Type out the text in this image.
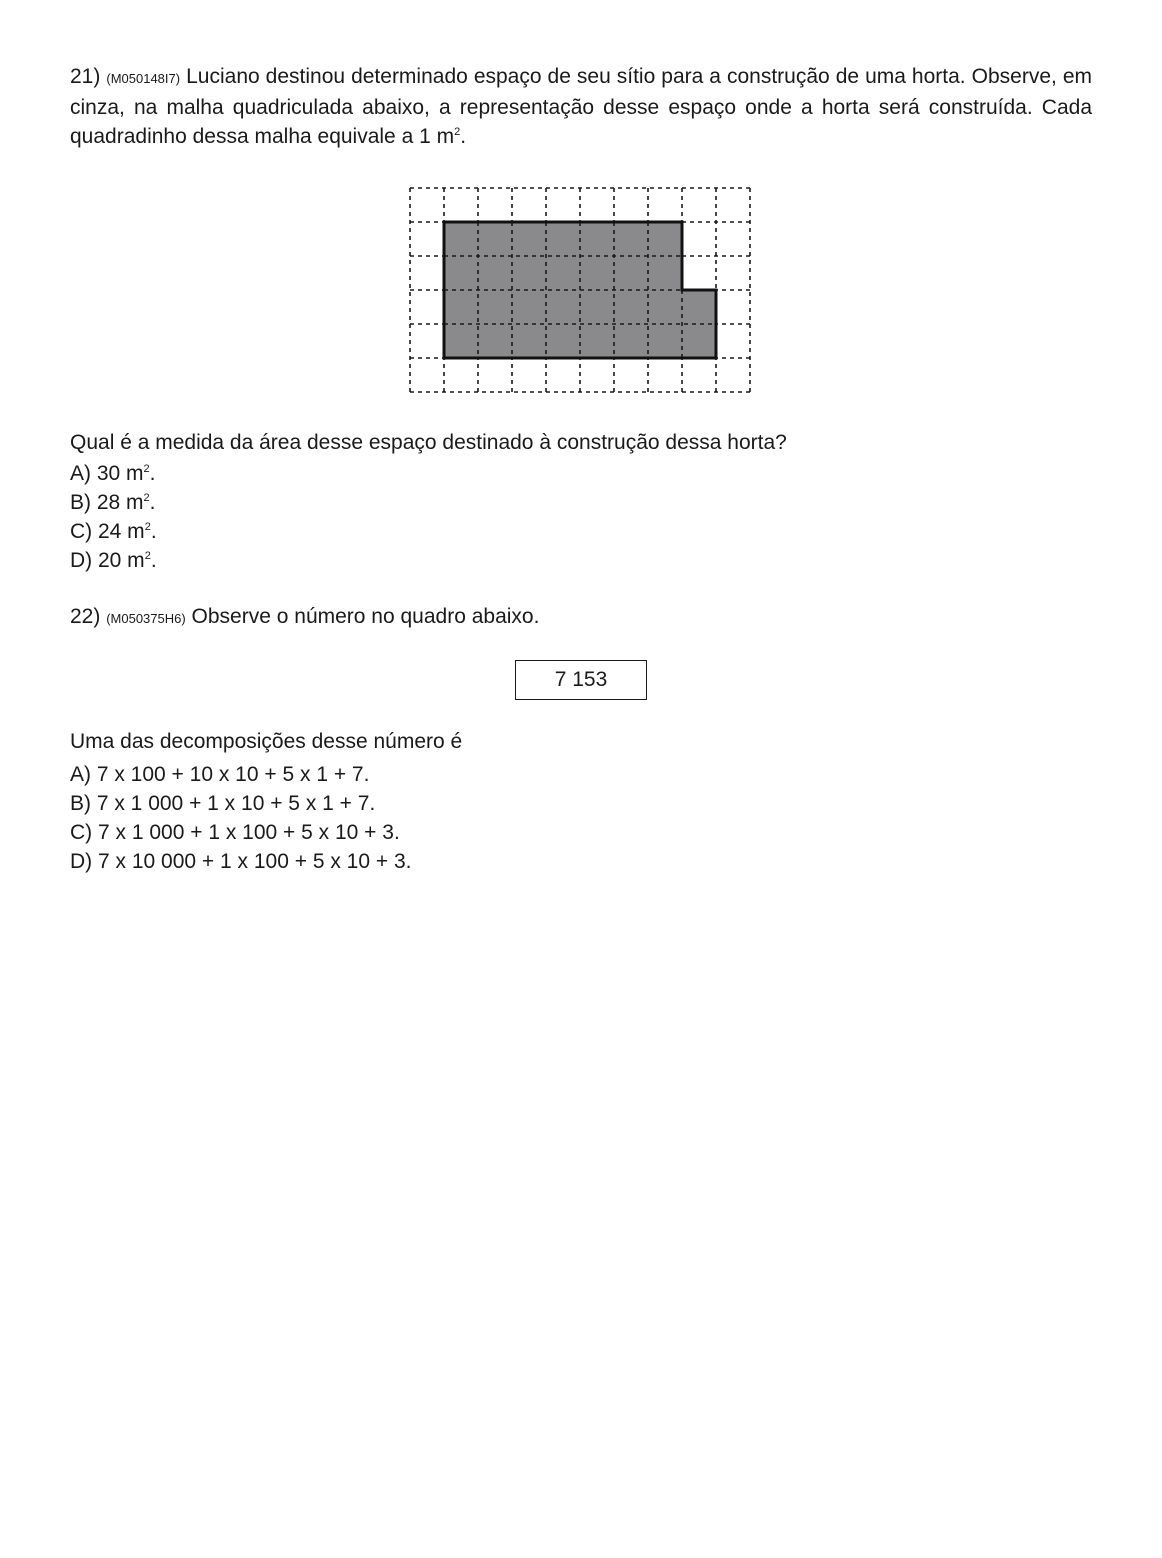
21) (M050148I7) Luciano destinou determinado espaço de seu sítio para a construção de uma horta. Observe, em cinza, na malha quadriculada abaixo, a representação desse espaço onde a horta será construída. Cada quadradinho dessa malha equivale a 1 $m^2$.

Qual é a medida da área desse espaço destinado à construção dessa horta?

A) 30 $m^2$.
B) 28 $m^2$.
C) 24 $m^2$.
D) 20 $m^2$.

22) (M050375H6) Observe o número no quadro abaixo.

7 153

Uma das decomposições desse número é

A) 7 x 100 + 10 x 10 + 5 x 1 + 7.
B) 7 x 1 000 + 1 x 10 + 5 x 1 + 7.
C) 7 x 1 000 + 1 x 100 + 5 x 10 + 3.
D) 7 x 10 000 + 1 x 100 + 5 x 10 + 3.
